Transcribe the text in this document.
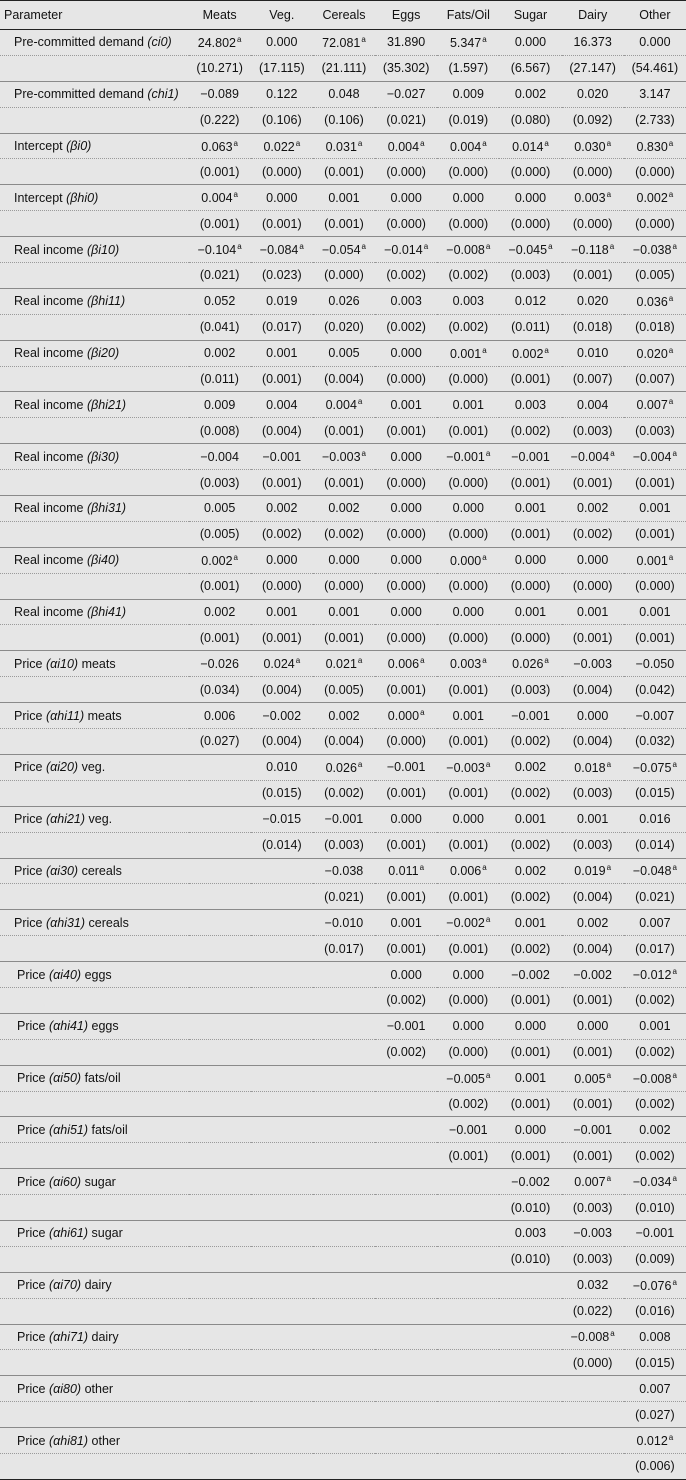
Parameter	Meats	Veg.	Cereals	Eggs	Fats/Oil	Sugar	Dairy	Other
Pre-committed demand (ci0)	24.802$^a$	0.000	72.081$^a$	31.890	5.347$^a$	0.000	16.373	0.000
	(10.271)	(17.115)	(21.111)	(35.302)	(1.597)	(6.567)	(27.147)	(54.461)
Pre-committed demand (chi1)	−0.089	0.122	0.048	−0.027	0.009	0.002	0.020	3.147
	(0.222)	(0.106)	(0.106)	(0.021)	(0.019)	(0.080)	(0.092)	(2.733)
Intercept (βi0)	0.063$^a$	0.022$^a$	0.031$^a$	0.004$^a$	0.004$^a$	0.014$^a$	0.030$^a$	0.830$^a$
	(0.001)	(0.000)	(0.001)	(0.000)	(0.000)	(0.000)	(0.000)	(0.000)
Intercept (βhi0)	0.004$^a$	0.000	0.001	0.000	0.000	0.000	0.003$^a$	0.002$^a$
	(0.001)	(0.001)	(0.001)	(0.000)	(0.000)	(0.000)	(0.000)	(0.000)
Real income (βi10)	−0.104$^a$	−0.084$^a$	−0.054$^a$	−0.014$^a$	−0.008$^a$	−0.045$^a$	−0.118$^a$	−0.038$^a$
	(0.021)	(0.023)	(0.000)	(0.002)	(0.002)	(0.003)	(0.001)	(0.005)
Real income (βhi11)	0.052	0.019	0.026	0.003	0.003	0.012	0.020	0.036$^a$
	(0.041)	(0.017)	(0.020)	(0.002)	(0.002)	(0.011)	(0.018)	(0.018)
Real income (βi20)	0.002	0.001	0.005	0.000	0.001$^a$	0.002$^a$	0.010	0.020$^a$
	(0.011)	(0.001)	(0.004)	(0.000)	(0.000)	(0.001)	(0.007)	(0.007)
Real income (βhi21)	0.009	0.004	0.004$^a$	0.001	0.001	0.003	0.004	0.007$^a$
	(0.008)	(0.004)	(0.001)	(0.001)	(0.001)	(0.002)	(0.003)	(0.003)
Real income (βi30)	−0.004	−0.001	−0.003$^a$	0.000	−0.001$^a$	−0.001	−0.004$^a$	−0.004$^a$
	(0.003)	(0.001)	(0.001)	(0.000)	(0.000)	(0.001)	(0.001)	(0.001)
Real income (βhi31)	0.005	0.002	0.002	0.000	0.000	0.001	0.002	0.001
	(0.005)	(0.002)	(0.002)	(0.000)	(0.000)	(0.001)	(0.002)	(0.001)
Real income (βi40)	0.002$^a$	0.000	0.000	0.000	0.000$^a$	0.000	0.000	0.001$^a$
	(0.001)	(0.000)	(0.000)	(0.000)	(0.000)	(0.000)	(0.000)	(0.000)
Real income (βhi41)	0.002	0.001	0.001	0.000	0.000	0.001	0.001	0.001
	(0.001)	(0.001)	(0.001)	(0.000)	(0.000)	(0.000)	(0.001)	(0.001)
Price (αi10) meats	−0.026	0.024$^a$	0.021$^a$	0.006$^a$	0.003$^a$	0.026$^a$	−0.003	−0.050
	(0.034)	(0.004)	(0.005)	(0.001)	(0.001)	(0.003)	(0.004)	(0.042)
Price (αhi11) meats	0.006	−0.002	0.002	0.000$^a$	0.001	−0.001	0.000	−0.007
	(0.027)	(0.004)	(0.004)	(0.000)	(0.001)	(0.002)	(0.004)	(0.032)
Price (αi20) veg.		0.010	0.026$^a$	−0.001	−0.003$^a$	0.002	0.018$^a$	−0.075$^a$
		(0.015)	(0.002)	(0.001)	(0.001)	(0.002)	(0.003)	(0.015)
Price (αhi21) veg.		−0.015	−0.001	0.000	0.000	0.001	0.001	0.016
		(0.014)	(0.003)	(0.001)	(0.001)	(0.002)	(0.003)	(0.014)
Price (αi30) cereals			−0.038	0.011$^a$	0.006$^a$	0.002	0.019$^a$	−0.048$^a$
			(0.021)	(0.001)	(0.001)	(0.002)	(0.004)	(0.021)
Price (αhi31) cereals			−0.010	0.001	−0.002$^a$	0.001	0.002	0.007
			(0.017)	(0.001)	(0.001)	(0.002)	(0.004)	(0.017)
Price (αi40) eggs				0.000	0.000	−0.002	−0.002	−0.012$^a$
				(0.002)	(0.000)	(0.001)	(0.001)	(0.002)
Price (αhi41) eggs				−0.001	0.000	0.000	0.000	0.001
				(0.002)	(0.000)	(0.001)	(0.001)	(0.002)
Price (αi50) fats/oil					−0.005$^a$	0.001	0.005$^a$	−0.008$^a$
					(0.002)	(0.001)	(0.001)	(0.002)
Price (αhi51) fats/oil					−0.001	0.000	−0.001	0.002
					(0.001)	(0.001)	(0.001)	(0.002)
Price (αi60) sugar						−0.002	0.007$^a$	−0.034$^a$
						(0.010)	(0.003)	(0.010)
Price (αhi61) sugar						0.003	−0.003	−0.001
						(0.010)	(0.003)	(0.009)
Price (αi70) dairy							0.032	−0.076$^a$
							(0.022)	(0.016)
Price (αhi71) dairy							−0.008$^a$	0.008
							(0.000)	(0.015)
Price (αi80) other								0.007
								(0.027)
Price (αhi81) other								0.012$^a$
								(0.006)
